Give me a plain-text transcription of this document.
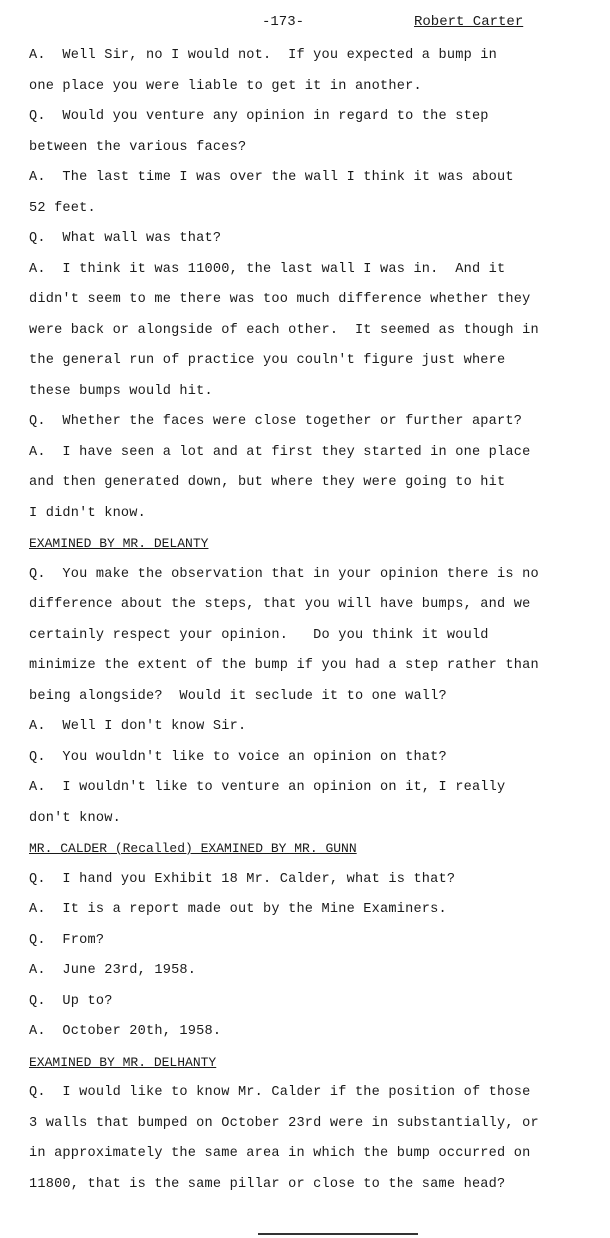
-173-	Robert Carter
A.  Well Sir, no I would not.  If you expected a bump in
one place you were liable to get it in another.
Q.  Would you venture any opinion in regard to the step
between the various faces?
A.  The last time I was over the wall I think it was about
52 feet.
Q.  What wall was that?
A.  I think it was 11000, the last wall I was in.  And it
didn't seem to me there was too much difference whether they
were back or alongside of each other.  It seemed as though in
the general run of practice you couln't figure just where
these bumps would hit.
Q.  Whether the faces were close together or further apart?
A.  I have seen a lot and at first they started in one place
and then generated down, but where they were going to hit
I didn't know.
EXAMINED BY MR. DELANTY
Q.  You make the observation that in your opinion there is no
difference about the steps, that you will have bumps, and we
certainly respect your opinion.   Do you think it would
minimize the extent of the bump if you had a step rather than
being alongside?  Would it seclude it to one wall?
A.  Well I don't know Sir.
Q.  You wouldn't like to voice an opinion on that?
A.  I wouldn't like to venture an opinion on it, I really
don't know.
MR. CALDER (Recalled) EXAMINED BY MR. GUNN
Q.  I hand you Exhibit 18 Mr. Calder, what is that?
A.  It is a report made out by the Mine Examiners.
Q.  From?
A.  June 23rd, 1958.
Q.  Up to?
A.  October 20th, 1958.
EXAMINED BY MR. DELHANTY
Q.  I would like to know Mr. Calder if the position of those
3 walls that bumped on October 23rd were in substantially, or
in approximately the same area in which the bump occurred on
11800, that is the same pillar or close to the same head?
